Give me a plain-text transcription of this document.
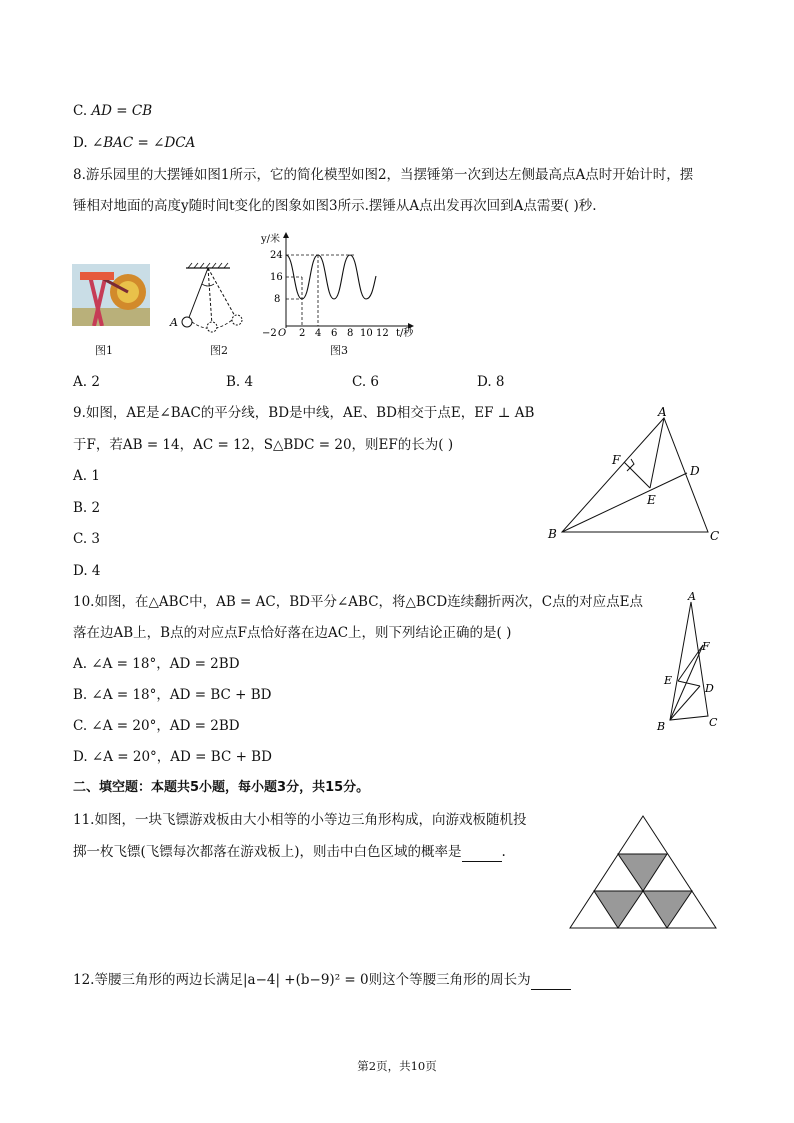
C. AD = CB
D. ∠BAC = ∠DCA
8.游乐园里的大摆锤如图1所示，它的简化模型如图2，当摆锤第一次到达左侧最高点A点时开始计时，摆
锤相对地面的高度y随时间t变化的图象如图3所示.摆锤从A点出发再次回到A点需要( )秒.
图1
A
图2
y/米
t/秒
24
16
8
−2 O 2 4 6 8 10 12
图3
A. 2	B. 4	C. 6	D. 8
9.如图，AE是∠BAC的平分线，BD是中线，AE、BD相交于点E，EF ⊥ AB
于F，若AB = 14，AC = 12，S△BDC = 20，则EF的长为( )
A. 1
B. 2
C. 3
D. 4
A
B	C
D
E
F
10.如图，在△ABC中，AB = AC，BD平分∠ABC，将△BCD连续翻折两次，C点的对应点E点
落在边AB上，B点的对应点F点恰好落在边AC上，则下列结论正确的是( )
A. ∠A = 18°，AD = 2BD
B. ∠A = 18°，AD = BC + BD
C. ∠A = 20°，AD = 2BD
D. ∠A = 20°，AD = BC + BD
A
B	C
D
E
F
二、填空题：本题共5小题，每小题3分，共15分。
11.如图，一块飞镖游戏板由大小相等的小等边三角形构成，向游戏板随机投
掷一枚飞镖(飞镖每次都落在游戏板上)，则击中白色区域的概率是	.
12.等腰三角形的两边长满足|a−4| +(b−9)² = 0则这个等腰三角形的周长为
第2页，共10页
